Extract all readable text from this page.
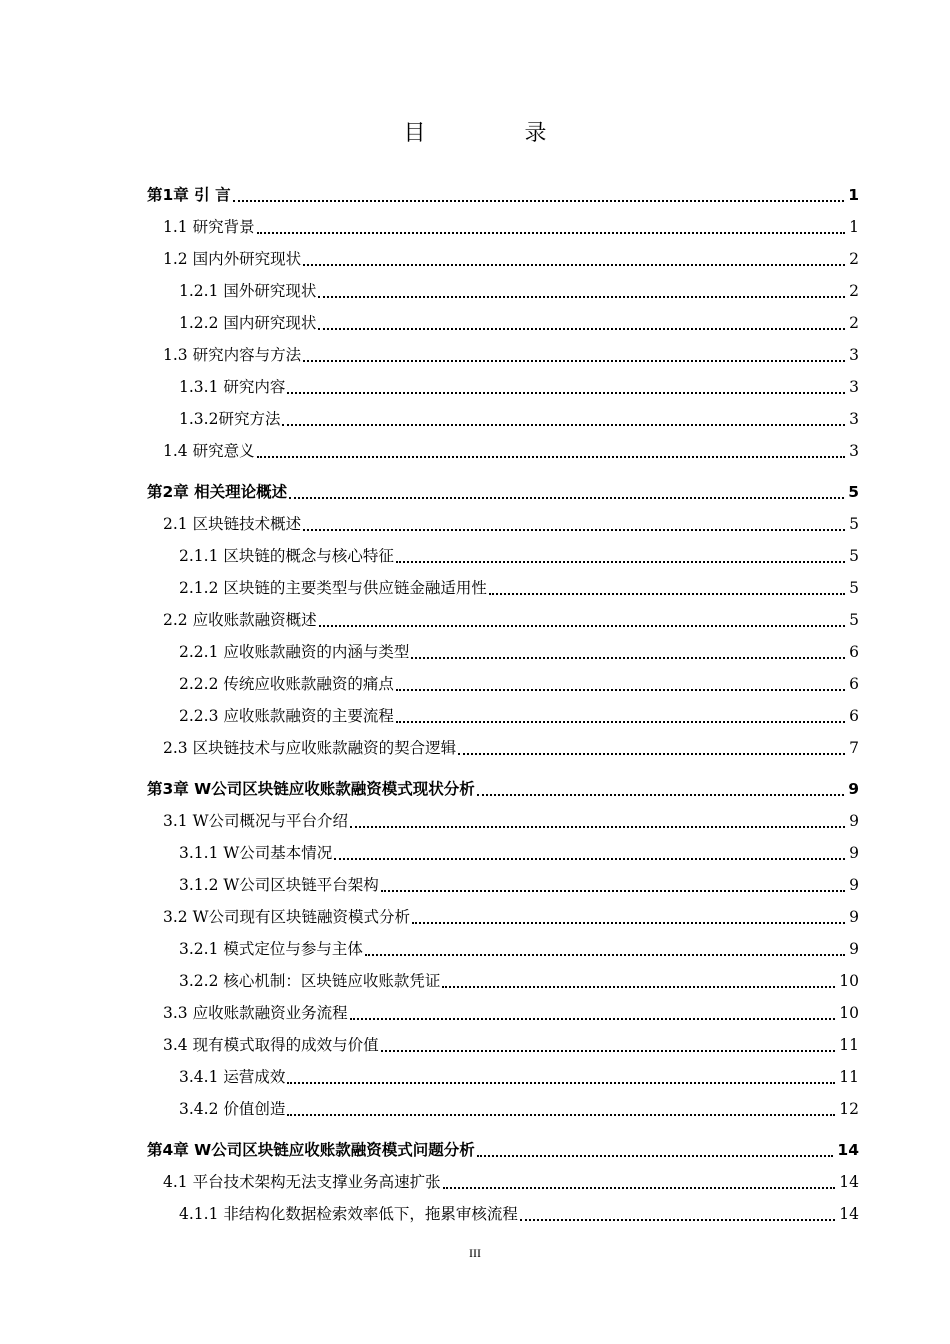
目 录
第1章 引 言	1
1.1 研究背景	1
1.2 国内外研究现状	2
1.2.1 国外研究现状	2
1.2.2 国内研究现状	2
1.3 研究内容与方法	3
1.3.1 研究内容	3
1.3.2研究方法	3
1.4 研究意义	3
第2章 相关理论概述	5
2.1 区块链技术概述	5
2.1.1 区块链的概念与核心特征	5
2.1.2 区块链的主要类型与供应链金融适用性	5
2.2 应收账款融资概述	5
2.2.1 应收账款融资的内涵与类型	6
2.2.2 传统应收账款融资的痛点	6
2.2.3 应收账款融资的主要流程	6
2.3 区块链技术与应收账款融资的契合逻辑	7
第3章 W公司区块链应收账款融资模式现状分析	9
3.1 W公司概况与平台介绍	9
3.1.1 W公司基本情况	9
3.1.2 W公司区块链平台架构	9
3.2 W公司现有区块链融资模式分析	9
3.2.1 模式定位与参与主体	9
3.2.2 核心机制：区块链应收账款凭证	10
3.3 应收账款融资业务流程	10
3.4 现有模式取得的成效与价值	11
3.4.1 运营成效	11
3.4.2 价值创造	12
第4章 W公司区块链应收账款融资模式问题分析	14
4.1 平台技术架构无法支撑业务高速扩张	14
4.1.1 非结构化数据检索效率低下，拖累审核流程	14
III
